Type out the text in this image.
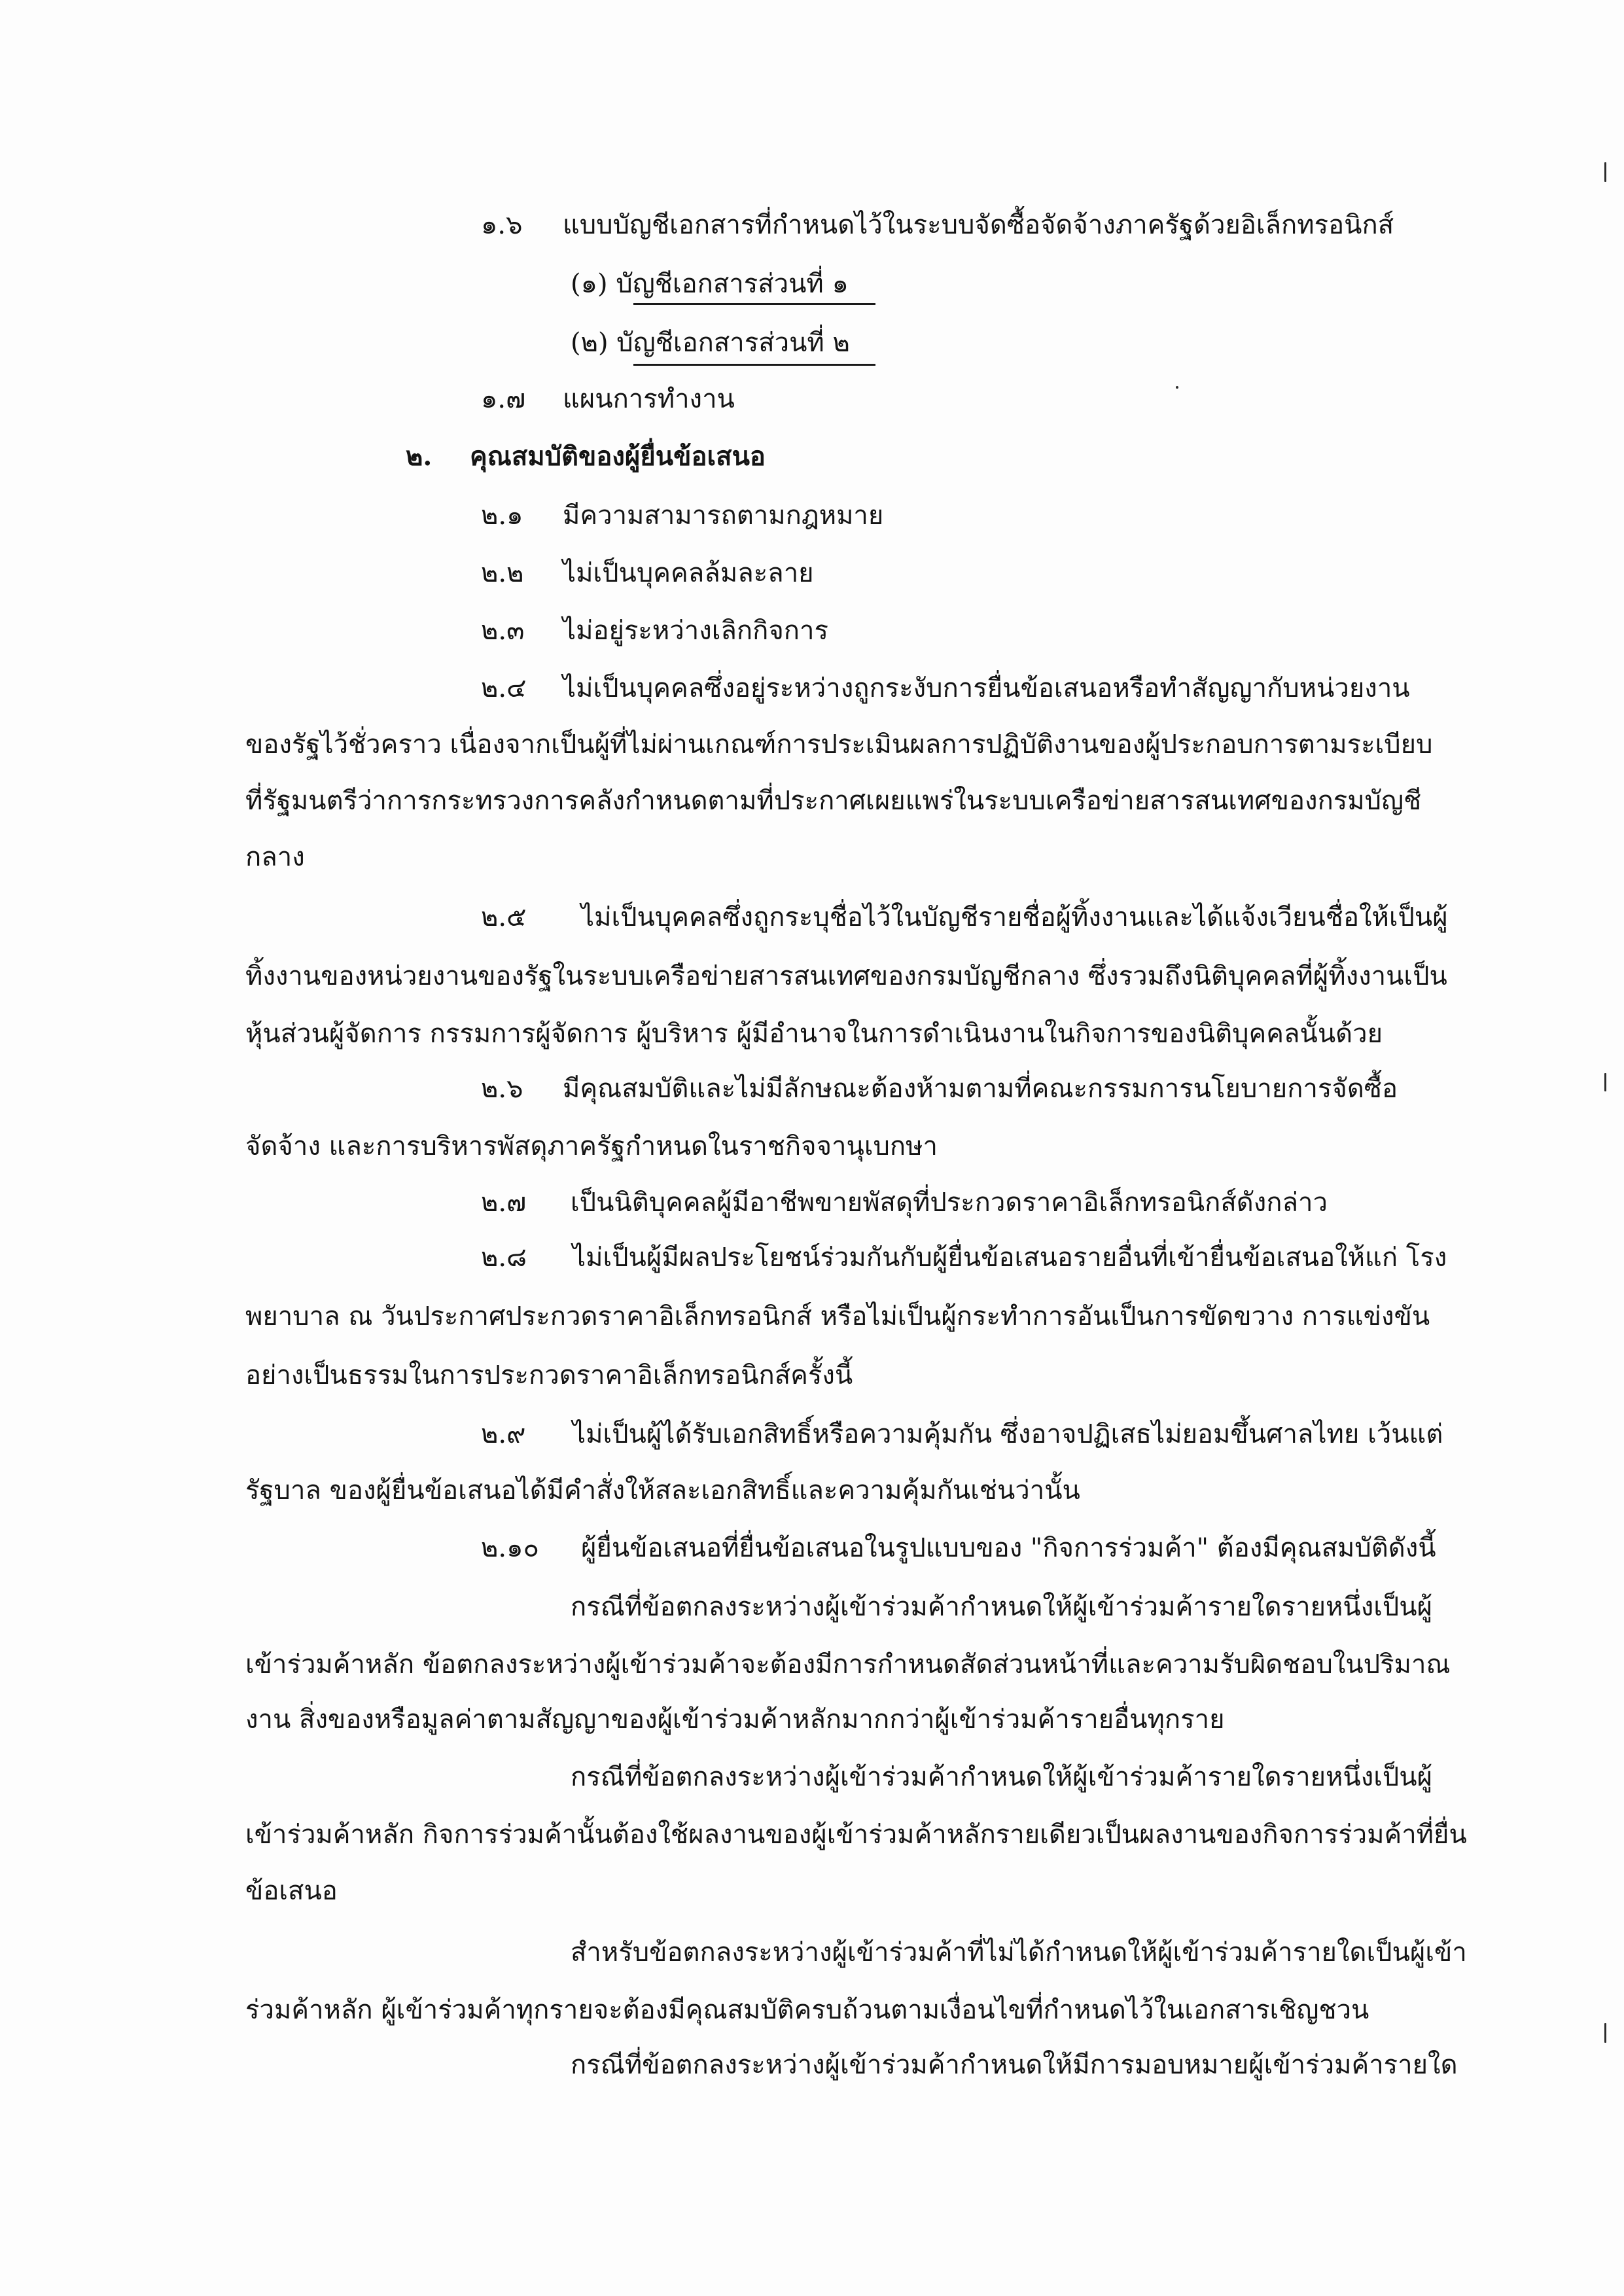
๑.๖ แบบบัญชีเอกสารที่กำหนดไว้ในระบบจัดซื้อจัดจ้างภาครัฐด้วยอิเล็กทรอนิกส์
(๑) บัญชีเอกสารส่วนที่ ๑
(๒) บัญชีเอกสารส่วนที่ ๒
๑.๗ แผนการทำงาน
๒. คุณสมบัติของผู้ยื่นข้อเสนอ
๒.๑ มีความสามารถตามกฎหมาย
๒.๒ ไม่เป็นบุคคลล้มละลาย
๒.๓ ไม่อยู่ระหว่างเลิกกิจการ
๒.๔ ไม่เป็นบุคคลซึ่งอยู่ระหว่างถูกระงับการยื่นข้อเสนอหรือทำสัญญากับหน่วยงาน
ของรัฐไว้ชั่วคราว เนื่องจากเป็นผู้ที่ไม่ผ่านเกณฑ์การประเมินผลการปฏิบัติงานของผู้ประกอบการตามระเบียบ
ที่รัฐมนตรีว่าการกระทรวงการคลังกำหนดตามที่ประกาศเผยแพร่ในระบบเครือข่ายสารสนเทศของกรมบัญชี
กลาง
๒.๕ ไม่เป็นบุคคลซึ่งถูกระบุชื่อไว้ในบัญชีรายชื่อผู้ทิ้งงานและได้แจ้งเวียนชื่อให้เป็นผู้
ทิ้งงานของหน่วยงานของรัฐในระบบเครือข่ายสารสนเทศของกรมบัญชีกลาง ซึ่งรวมถึงนิติบุคคลที่ผู้ทิ้งงานเป็น
หุ้นส่วนผู้จัดการ กรรมการผู้จัดการ ผู้บริหาร ผู้มีอำนาจในการดำเนินงานในกิจการของนิติบุคคลนั้นด้วย
๒.๖ มีคุณสมบัติและไม่มีลักษณะต้องห้ามตามที่คณะกรรมการนโยบายการจัดซื้อ
จัดจ้าง และการบริหารพัสดุภาครัฐกำหนดในราชกิจจานุเบกษา
๒.๗ เป็นนิติบุคคลผู้มีอาชีพขายพัสดุที่ประกวดราคาอิเล็กทรอนิกส์ดังกล่าว
๒.๘ ไม่เป็นผู้มีผลประโยชน์ร่วมกันกับผู้ยื่นข้อเสนอรายอื่นที่เข้ายื่นข้อเสนอให้แก่ โรง
พยาบาล ณ วันประกาศประกวดราคาอิเล็กทรอนิกส์ หรือไม่เป็นผู้กระทำการอันเป็นการขัดขวาง การแข่งขัน
อย่างเป็นธรรมในการประกวดราคาอิเล็กทรอนิกส์ครั้งนี้
๒.๙ ไม่เป็นผู้ได้รับเอกสิทธิ์หรือความคุ้มกัน ซึ่งอาจปฏิเสธไม่ยอมขึ้นศาลไทย เว้นแต่
รัฐบาล ของผู้ยื่นข้อเสนอได้มีคำสั่งให้สละเอกสิทธิ์และความคุ้มกันเช่นว่านั้น
๒.๑๐ ผู้ยื่นข้อเสนอที่ยื่นข้อเสนอในรูปแบบของ "กิจการร่วมค้า" ต้องมีคุณสมบัติดังนี้
กรณีที่ข้อตกลงระหว่างผู้เข้าร่วมค้ากำหนดให้ผู้เข้าร่วมค้ารายใดรายหนึ่งเป็นผู้
เข้าร่วมค้าหลัก ข้อตกลงระหว่างผู้เข้าร่วมค้าจะต้องมีการกำหนดสัดส่วนหน้าที่และความรับผิดชอบในปริมาณ
งาน สิ่งของหรือมูลค่าตามสัญญาของผู้เข้าร่วมค้าหลักมากกว่าผู้เข้าร่วมค้ารายอื่นทุกราย
กรณีที่ข้อตกลงระหว่างผู้เข้าร่วมค้ากำหนดให้ผู้เข้าร่วมค้ารายใดรายหนึ่งเป็นผู้
เข้าร่วมค้าหลัก กิจการร่วมค้านั้นต้องใช้ผลงานของผู้เข้าร่วมค้าหลักรายเดียวเป็นผลงานของกิจการร่วมค้าที่ยื่น
ข้อเสนอ
สำหรับข้อตกลงระหว่างผู้เข้าร่วมค้าที่ไม่ได้กำหนดให้ผู้เข้าร่วมค้ารายใดเป็นผู้เข้า
ร่วมค้าหลัก ผู้เข้าร่วมค้าทุกรายจะต้องมีคุณสมบัติครบถ้วนตามเงื่อนไขที่กำหนดไว้ในเอกสารเชิญชวน
กรณีที่ข้อตกลงระหว่างผู้เข้าร่วมค้ากำหนดให้มีการมอบหมายผู้เข้าร่วมค้ารายใด
